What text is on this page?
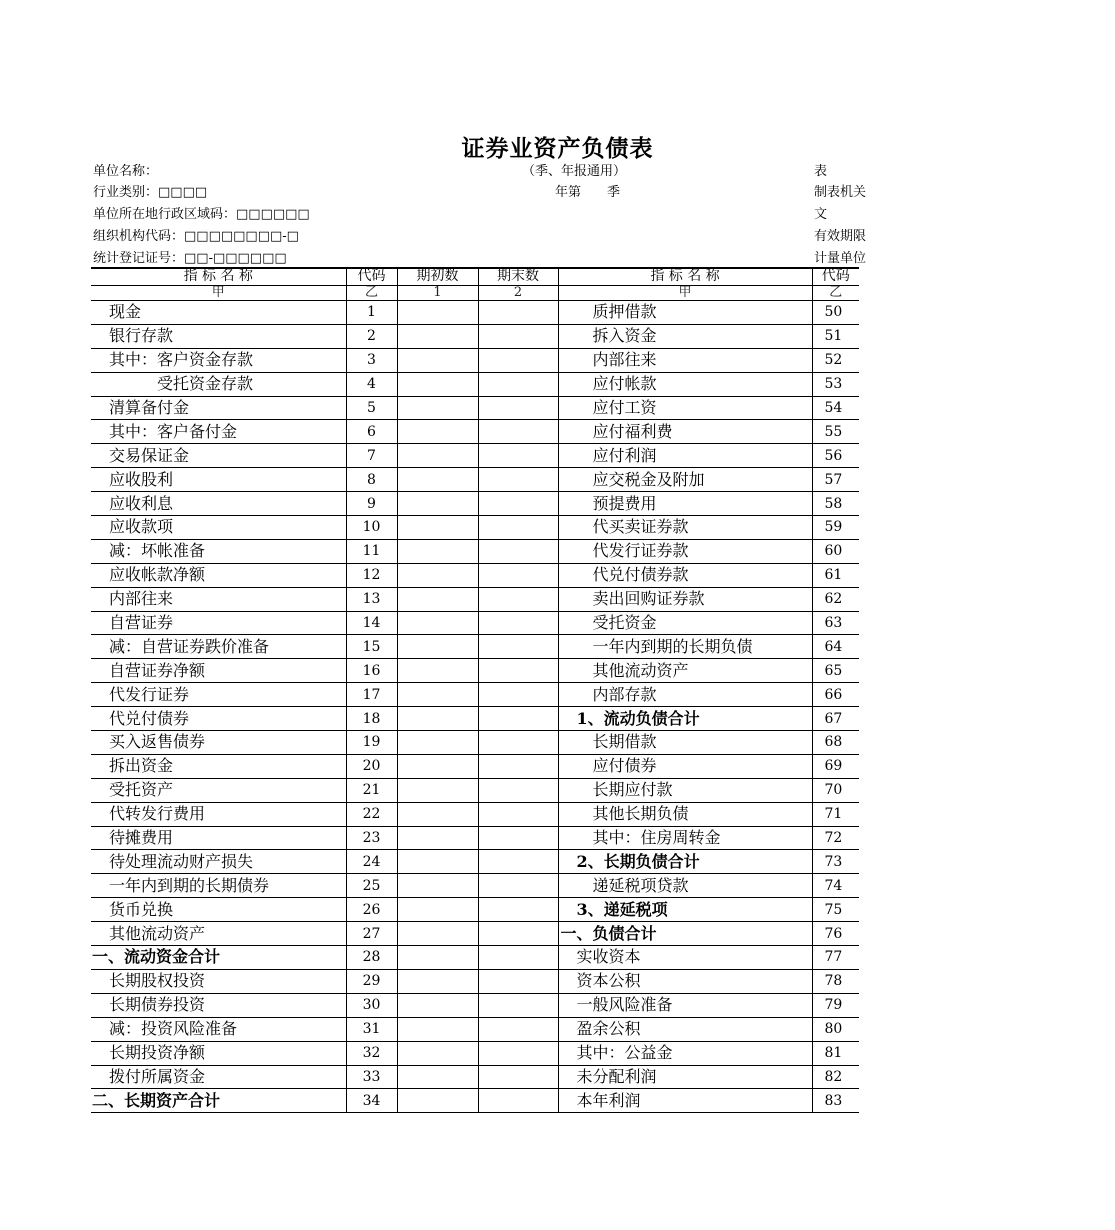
证券业资产负债表
单位名称：	（季、年报通用）
行业类别：□□□□	年第　　季
单位所在地行政区域码：□□□□□□
组织机构代码：□□□□□□□□-□
统计登记证号：□□-□□□□□□
表　　
制表机关
文　　
有效期限
计量单位
指 标 名 称	代码	期初数	期末数	指 标 名 称	代码
甲	乙	1	2	甲	乙
现金	1			质押借款	50
银行存款	2			拆入资金	51
其中：客户资金存款	3			内部往来	52
受托资金存款	4			应付帐款	53
清算备付金	5			应付工资	54
其中：客户备付金	6			应付福利费	55
交易保证金	7			应付利润	56
应收股利	8			应交税金及附加	57
应收利息	9			预提费用	58
应收款项	10			代买卖证券款	59
减：坏帐准备	11			代发行证券款	60
应收帐款净额	12			代兑付债券款	61
内部往来	13			卖出回购证券款	62
自营证券	14			受托资金	63
减：自营证券跌价准备	15			一年内到期的长期负债	64
自营证券净额	16			其他流动资产	65
代发行证券	17			内部存款	66
代兑付债券	18			1、流动负债合计	67
买入返售债券	19			长期借款	68
拆出资金	20			应付债券	69
受托资产	21			长期应付款	70
代转发行费用	22			其他长期负债	71
待摊费用	23			其中：住房周转金	72
待处理流动财产损失	24			2、长期负债合计	73
一年内到期的长期债券	25			递延税项贷款	74
货币兑换	26			3、递延税项	75
其他流动资产	27			一、负债合计	76
一、流动资金合计	28			实收资本	77
长期股权投资	29			资本公积	78
长期债券投资	30			一般风险准备	79
减：投资风险准备	31			盈余公积	80
长期投资净额	32			其中：公益金	81
拨付所属资金	33			未分配利润	82
二、长期资产合计	34			本年利润	83
